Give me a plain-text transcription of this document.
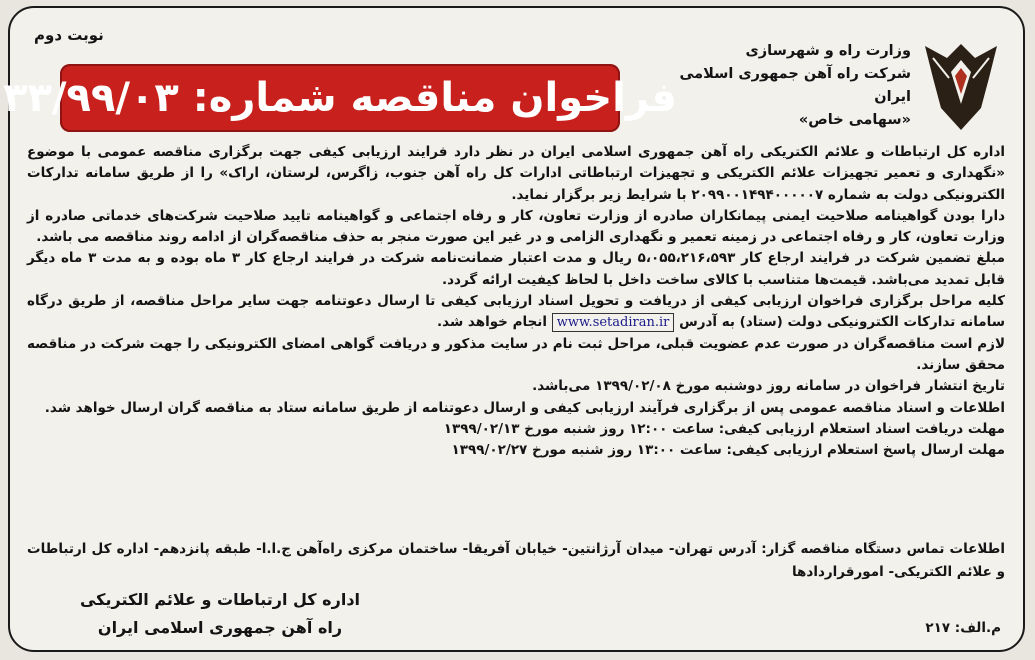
وزارت راه و شهرسازی
شرکت راه آهن جمهوری اسلامی ایران
«سهامی خاص»
نوبت دوم
فراخوان مناقصه شماره: ۳۳/۹۹/۰۳

اداره کل ارتباطات و علائم الکتریکی راه آهن جمهوری اسلامی ایران در نظر دارد فرایند ارزیابی کیفی جهت برگزاری مناقصه عمومی با موضوع «نگهداری و تعمیر تجهیزات علائم الکتریکی و تجهیزات ارتباطاتی ادارات کل راه آهن جنوب، زاگرس، لرستان، اراک» را از طریق سامانه تدارکات الکترونیکی دولت به شماره ۲۰۹۹۰۰۱۴۹۴۰۰۰۰۰۷ با شرایط زیر برگزار نماید.

دارا بودن گواهینامه صلاحیت ایمنی پیمانکاران صادره از وزارت تعاون، کار و رفاه اجتماعی و گواهینامه تایید صلاحیت شرکت‌های خدماتی صادره از وزارت تعاون، کار و رفاه اجتماعی در زمینه تعمیر و نگهداری الزامی و در غیر این صورت منجر به حذف مناقصه‌گران از ادامه روند مناقصه می باشد.

مبلغ تضمین شرکت در فرایند ارجاع کار ۵،۰۵۵،۲۱۶،۵۹۳ ریال و مدت اعتبار ضمانت‌نامه شرکت در فرایند ارجاع کار ۳ ماه بوده و به مدت ۳ ماه دیگر قابل تمدید می‌باشد. قیمت‌ها متناسب با کالای ساخت داخل با لحاظ کیفیت ارائه گردد.

کلیه مراحل برگزاری فراخوان ارزیابی کیفی از دریافت و تحویل اسناد ارزیابی کیفی تا ارسال دعوتنامه جهت سایر مراحل مناقصه، از طریق درگاه سامانه تدارکات الکترونیکی دولت (ستاد) به آدرس www.setadiran.ir انجام خواهد شد.

لازم است مناقصه‌گران در صورت عدم عضویت قبلی، مراحل ثبت نام در سایت مذکور و دریافت گواهی امضای الکترونیکی را جهت شرکت در مناقصه محقق سازند.

تاریخ انتشار فراخوان در سامانه روز دوشنبه مورخ ۱۳۹۹/۰۲/۰۸ می‌باشد.

اطلاعات و اسناد مناقصه عمومی پس از برگزاری فرآیند ارزیابی کیفی و ارسال دعوتنامه از طریق سامانه ستاد به مناقصه گران ارسال خواهد شد.

مهلت دریافت اسناد استعلام ارزیابی کیفی: ساعت ۱۲:۰۰ روز شنبه مورخ ۱۳۹۹/۰۲/۱۳

مهلت ارسال پاسخ استعلام ارزیابی کیفی: ساعت ۱۳:۰۰ روز شنبه مورخ ۱۳۹۹/۰۲/۲۷

اطلاعات تماس دستگاه مناقصه گزار: آدرس تهران- میدان آرژانتین- خیابان آفریقا- ساختمان مرکزی راه‌آهن ج.ا.ا- طبقه پانزدهم- اداره کل ارتباطات و علائم الکتریکی- امورقراردادها
اداره کل ارتباطات و علائم الکتریکی
راه آهن جمهوری اسلامی ایران	م.الف: ۲۱۷
